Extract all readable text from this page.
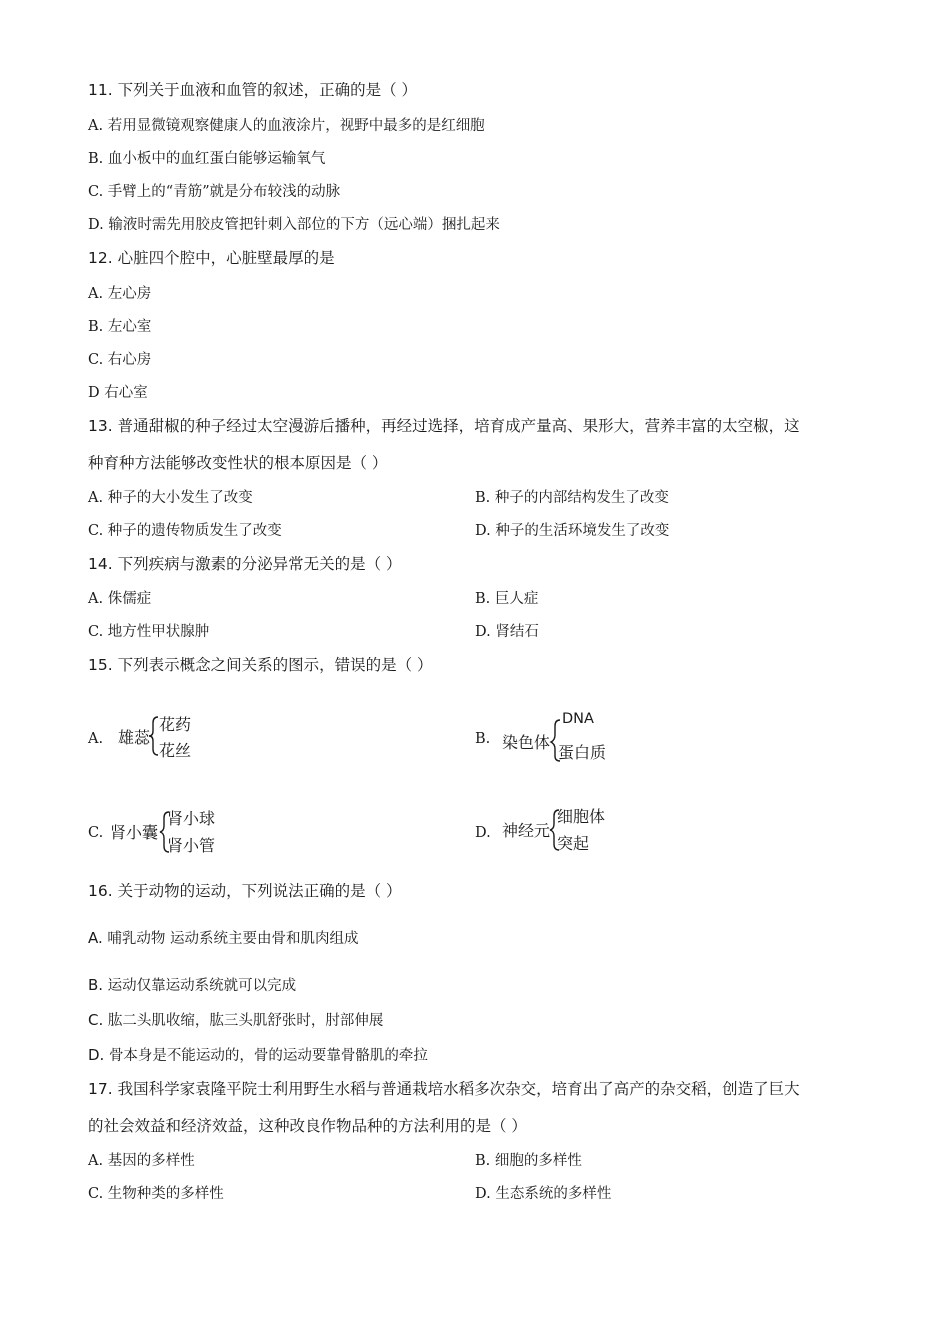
11. 下列关于血液和血管的叙述，正确的是（ ）
A. 若用显微镜观察健康人的血液涂片，视野中最多的是红细胞
B. 血小板中的血红蛋白能够运输氧气
C. 手臂上的“青筋”就是分布较浅的动脉
D. 输液时需先用胶皮管把针刺入部位的下方（远心端）捆扎起来
12. 心脏四个腔中，心脏壁最厚的是
A. 左心房
B. 左心室
C. 右心房
D 右心室
13. 普通甜椒的种子经过太空漫游后播种，再经过选择，培育成产量高、果形大，营养丰富的太空椒，这
种育种方法能够改变性状的根本原因是（ ）
A. 种子的大小发生了改变	B. 种子的内部结构发生了改变
C. 种子的遗传物质发生了改变	D. 种子的生活环境发生了改变
14. 下列疾病与激素的分泌异常无关的是（ ）
A. 侏儒症	B. 巨人症
C. 地方性甲状腺肿	D. 肾结石
15. 下列表示概念之间关系的图示，错误的是（ ）
A. 雄蕊
花药
花丝
B. 染色体
DNA
蛋白质
C. 肾小囊
肾小球
肾小管
D. 神经元
细胞体
突起
16. 关于动物的运动，下列说法正确的是（ ）
A. 哺乳动物 运动系统主要由骨和肌肉组成
B. 运动仅靠运动系统就可以完成
C. 肱二头肌收缩，肱三头肌舒张时，肘部伸展
D. 骨本身是不能运动的，骨的运动要靠骨骼肌的牵拉
17. 我国科学家袁隆平院士利用野生水稻与普通栽培水稻多次杂交，培育出了高产的杂交稻，创造了巨大
的社会效益和经济效益，这种改良作物品种的方法利用的是（ ）
A. 基因的多样性	B. 细胞的多样性
C. 生物种类的多样性	D. 生态系统的多样性
